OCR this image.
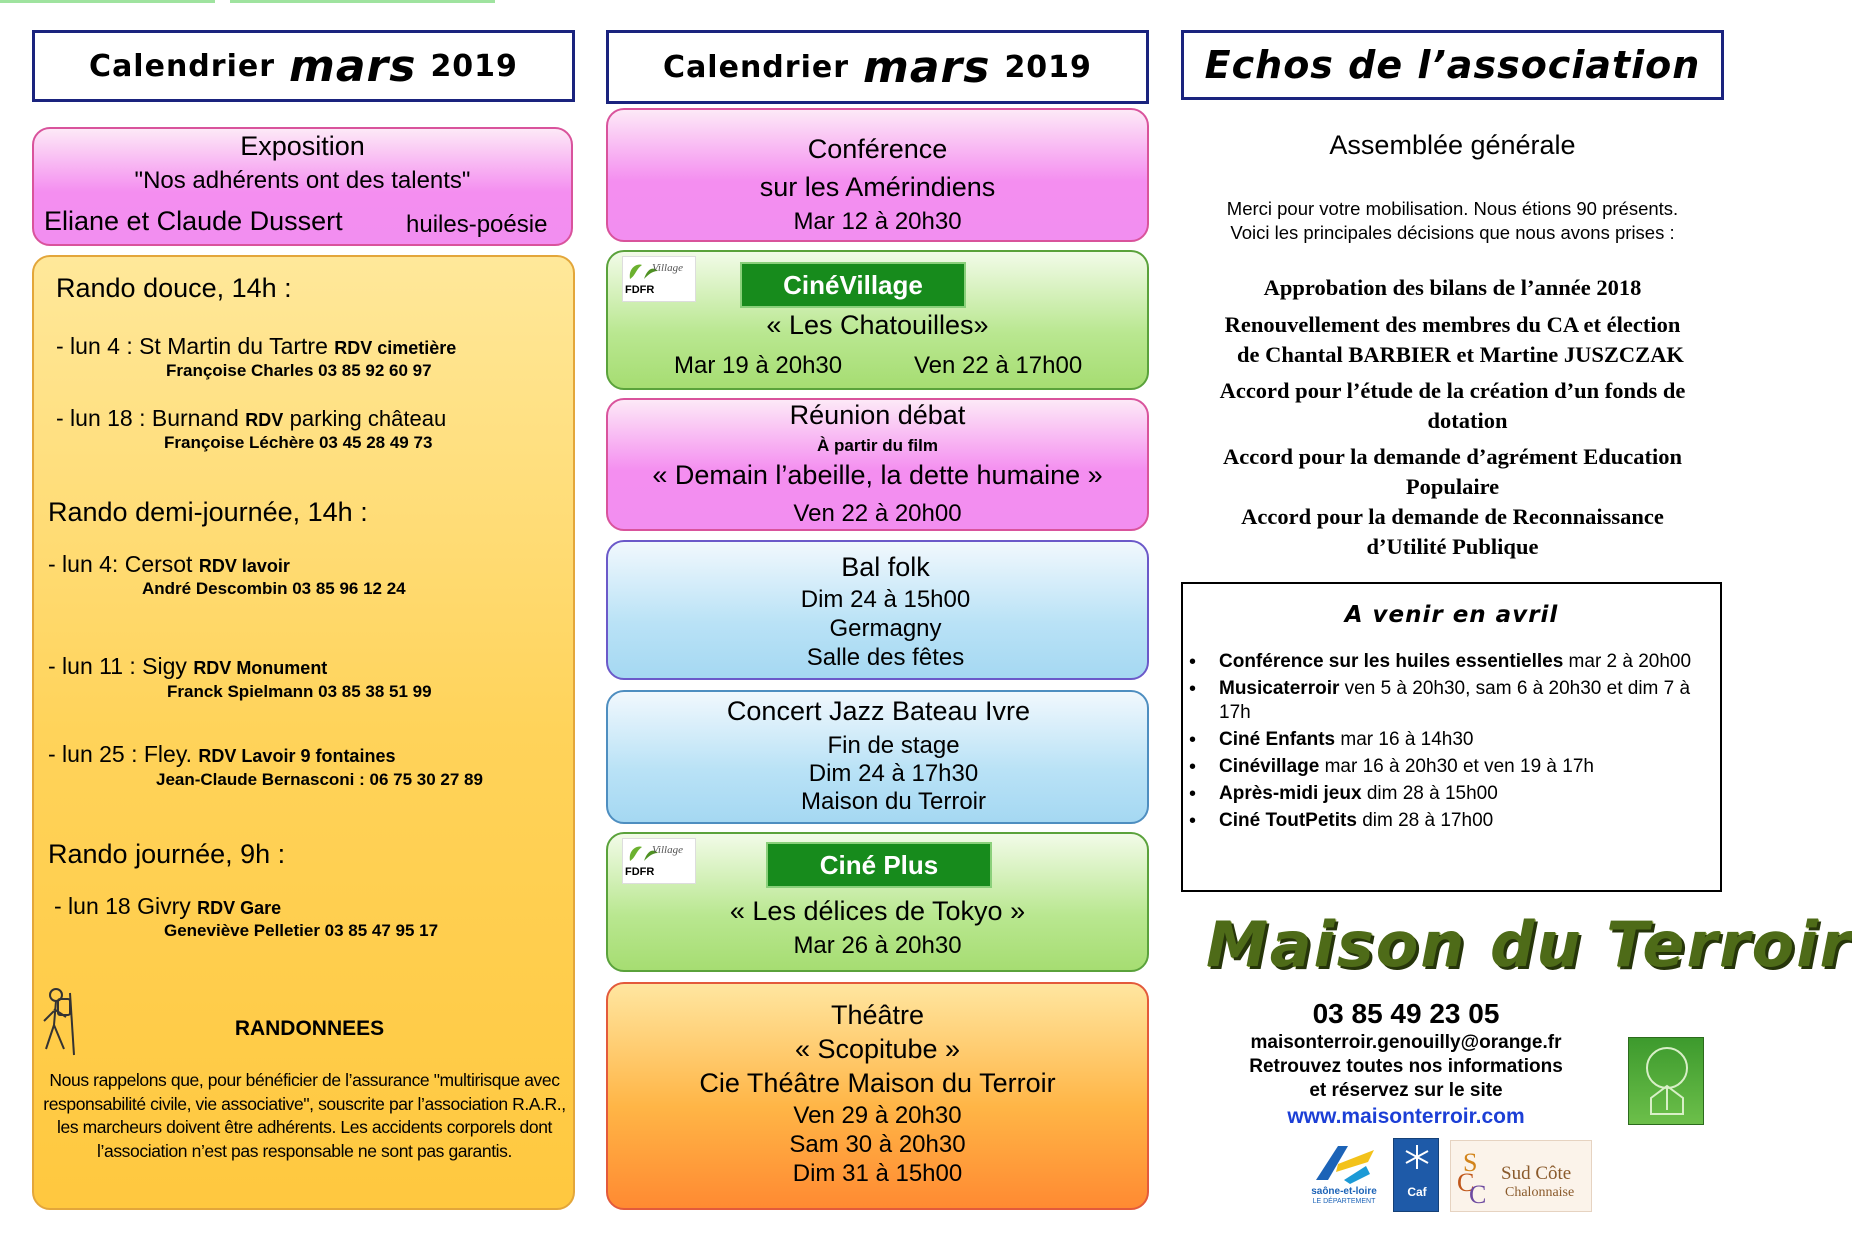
Calendrier mars 2019
Exposition
"Nos adhérents ont des talents"
Eliane et Claude Dussert	huiles-poésie
Rando douce, 14h :
- lun 4 : St Martin du Tartre RDV cimetière
Françoise Charles 03 85 92 60 97
- lun 18 : Burnand RDV parking château
Françoise Léchère 03 45 28 49 73
Rando demi-journée, 14h :
- lun 4: Cersot RDV lavoir
André Descombin 03 85 96 12 24
- lun 11 : Sigy RDV Monument
Franck Spielmann 03 85 38 51 99
- lun 25 : Fley. RDV Lavoir 9 fontaines
Jean-Claude Bernasconi : 06 75 30 27 89
Rando journée, 9h :
- lun 18 Givry RDV Gare
Geneviève Pelletier 03 85 47 95 17
RANDONNEES
Nous rappelons que, pour bénéficier de l’assurance "multirisque avec responsabilité civile, vie associative", souscrite par l’association R.A.R., les marcheurs doivent être adhérents. Les accidents corporels dont l’association n’est pas responsable ne sont pas garantis.
Calendrier mars 2019
Conférence
sur les Amérindiens
Mar 12 à 20h30
Village
FDFR	CinéVillage
« Les Chatouilles»
Mar 19 à 20h30	Ven 22 à 17h00
Réunion débat
À partir du film
« Demain l’abeille, la dette humaine »
Ven 22 à 20h00
Bal folk
Dim 24 à 15h00
Germagny
Salle des fêtes
Concert Jazz Bateau Ivre
Fin de stage
Dim 24 à 17h30
Maison du Terroir
Village
FDFR	Ciné Plus
« Les délices de Tokyo »
Mar 26 à 20h30
Théâtre
« Scopitube »
Cie Théâtre Maison du Terroir
Ven 29 à 20h30
Sam 30 à 20h30
Dim 31 à 15h00
Echos de l’association
Assemblée générale
Merci pour votre mobilisation. Nous étions 90 présents.
Voici les principales décisions que nous avons prises :
Approbation des bilans de l’année 2018
Renouvellement des membres du CA et élection
de Chantal BARBIER et Martine JUSZCZAK
Accord pour l’étude de la création d’un fonds de
dotation
Accord pour la demande d’agrément Education
Populaire
Accord pour la demande de Reconnaissance
d’Utilité Publique
A venir en avril
• Conférence sur les huiles essentielles mar 2 à 20h00
• Musicaterroir ven 5 à 20h30, sam 6 à 20h30 et dim 7 à 17h
• Ciné Enfants mar 16 à 14h30
• Cinévillage mar 16 à 20h30 et ven 19 à 17h
• Après-midi jeux dim 28 à 15h00
• Ciné ToutPetits dim 28 à 17h00
Maison du Terroir
03 85 49 23 05
maisonterroir.genouilly@orange.fr
Retrouvez toutes nos informations
et réservez sur le site
www.maisonterroir.com
saône-et-loire
LE DÉPARTEMENT
Caf
S
C
C
Sud Côte
Chalonnaise
